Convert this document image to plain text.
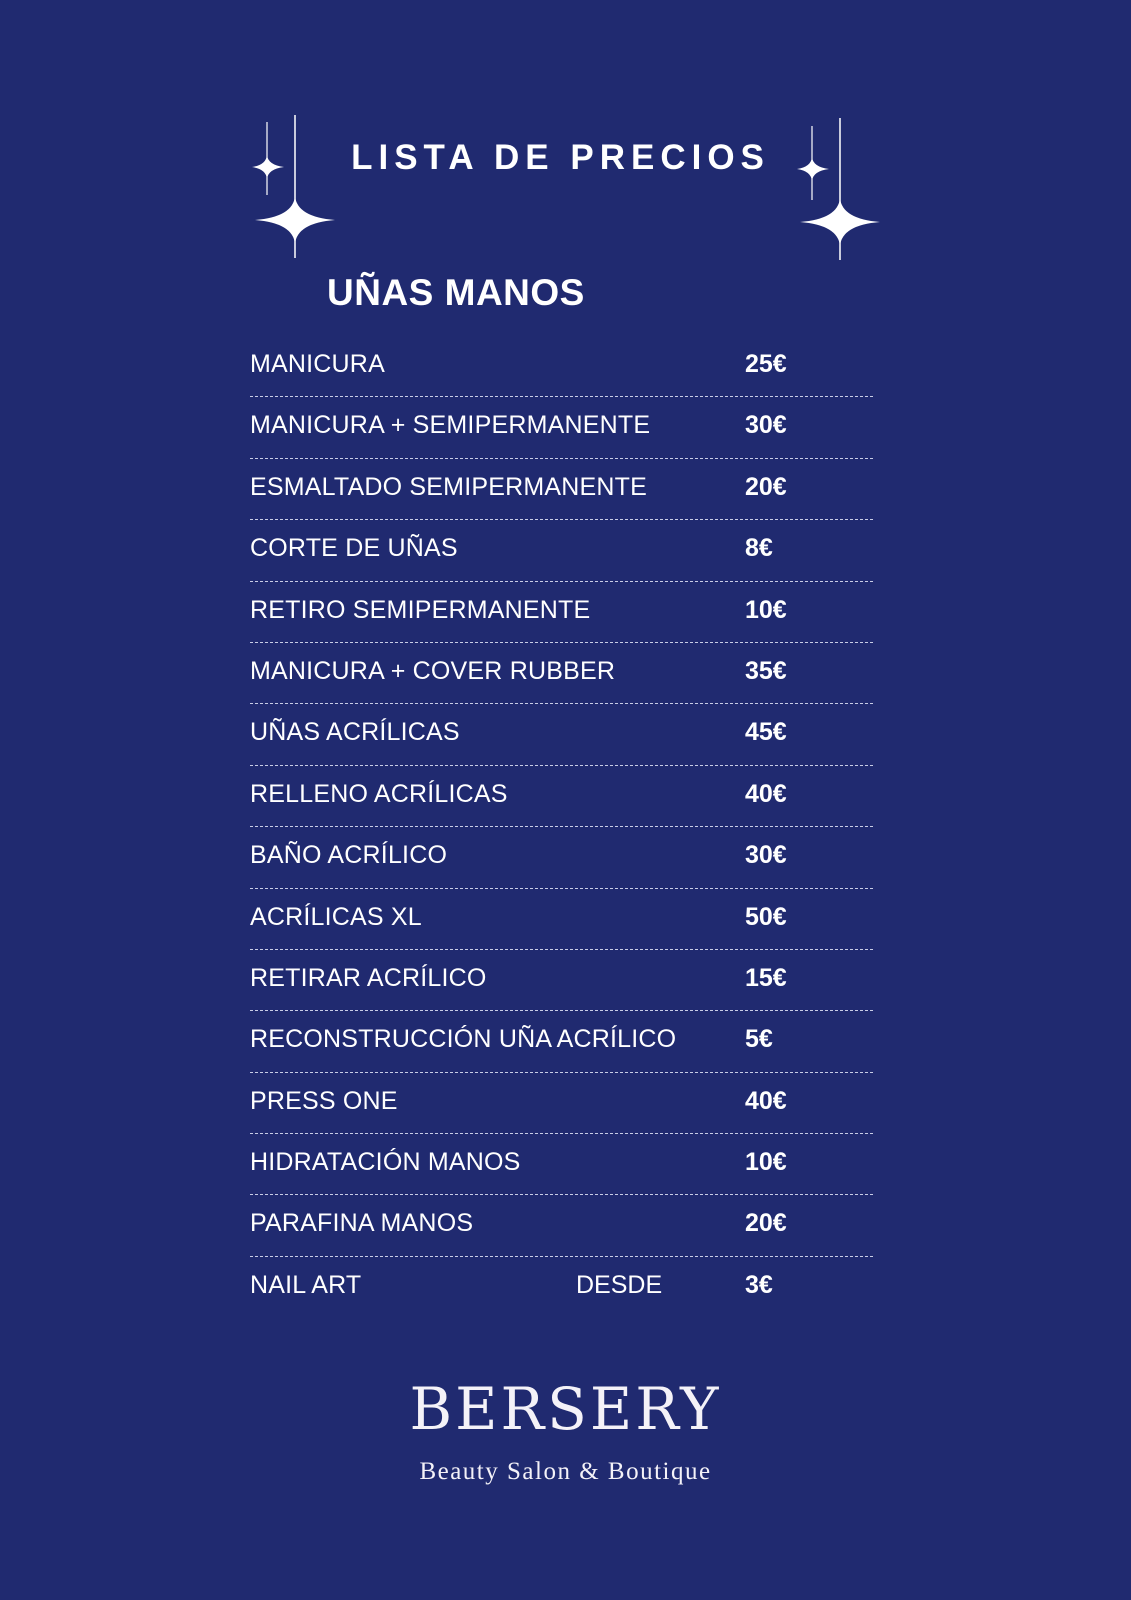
LISTA DE PRECIOS
UÑAS MANOS
MANICURA	25€
MANICURA + SEMIPERMANENTE	30€
ESMALTADO SEMIPERMANENTE	20€
CORTE DE UÑAS	8€
RETIRO SEMIPERMANENTE	10€
MANICURA + COVER RUBBER	35€
UÑAS ACRÍLICAS	45€
RELLENO ACRÍLICAS	40€
BAÑO ACRÍLICO	30€
ACRÍLICAS XL	50€
RETIRAR ACRÍLICO	15€
RECONSTRUCCIÓN UÑA ACRÍLICO	5€
PRESS ONE	40€
HIDRATACIÓN MANOS	10€
PARAFINA MANOS	20€
NAIL ART	DESDE	3€
BERSERY
Beauty Salon & Boutique
